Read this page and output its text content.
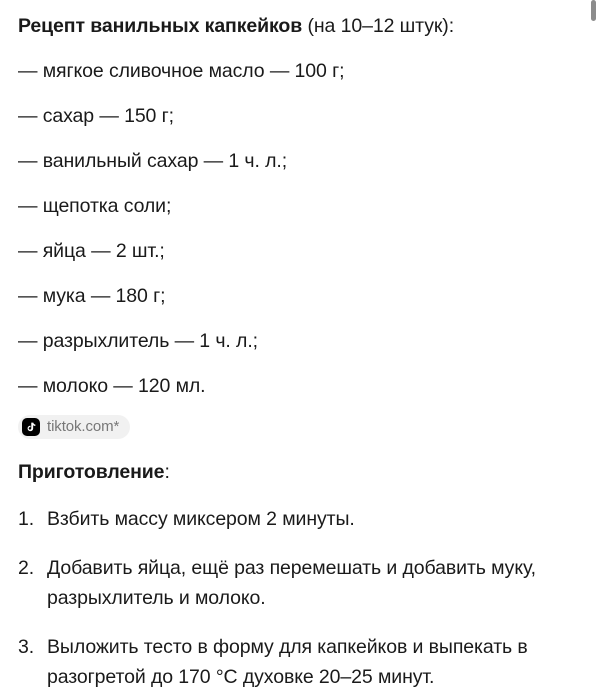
Рецепт ванильных капкейков (на 10–12 штук):
— мягкое сливочное масло — 100 г;
— сахар — 150 г;
— ванильный сахар — 1 ч. л.;
— щепотка соли;
— яйца — 2 шт.;
— мука — 180 г;
— разрыхлитель — 1 ч. л.;
— молоко — 120 мл.
tiktok.com*
Приготовление:
1. Взбить массу миксером 2 минуты.
2. Добавить яйца, ещё раз перемешать и добавить муку, разрыхлитель и молоко.
3. Выложить тесто в форму для капкейков и выпекать в разогретой до 170 °C духовке 20–25 минут.
